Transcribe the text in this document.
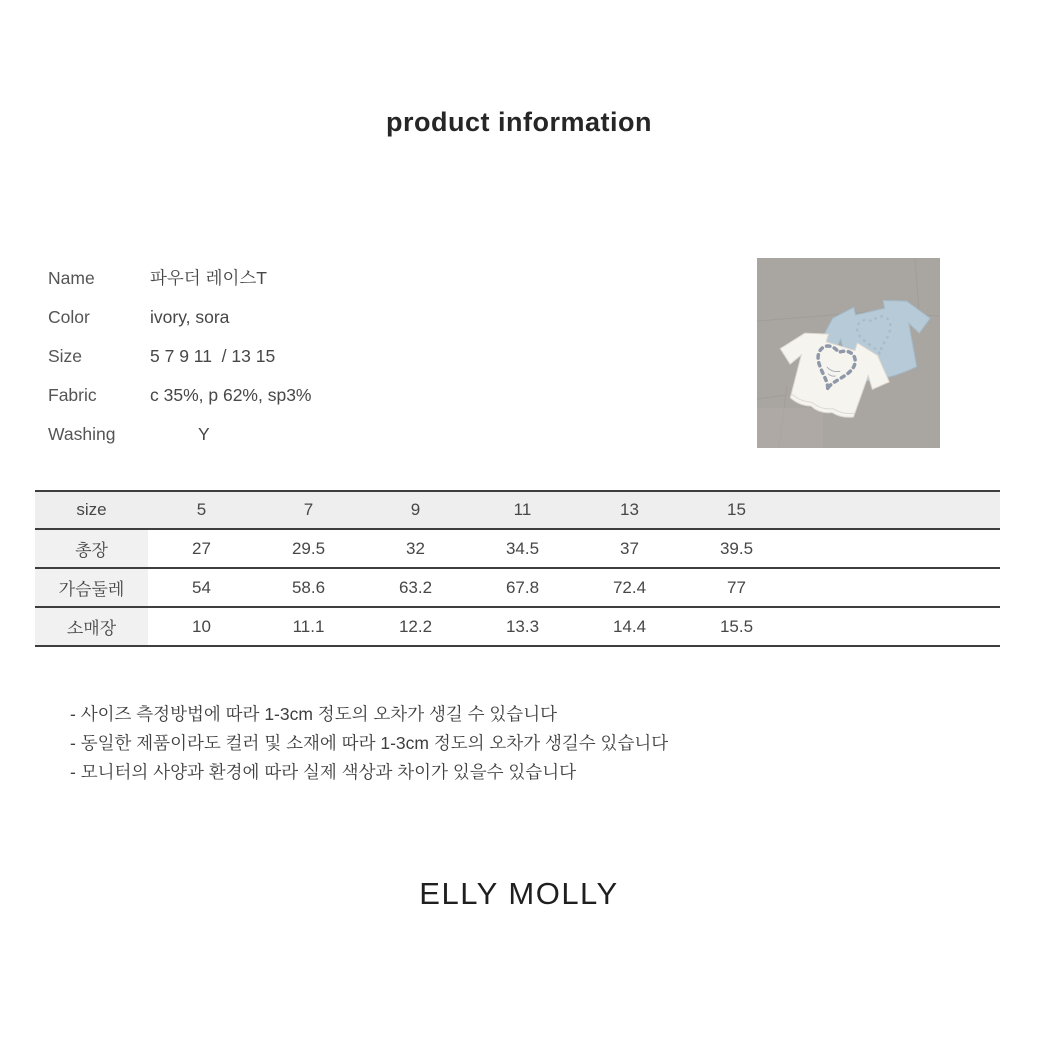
product information
Name	파우더 레이스T
Color	ivory, sora
Size	5 7 9 11  / 13 15
Fabric	c 35%, p 62%, sp3%
Washing	Y
size	5	7	9	11	13	15	
총장	27	29.5	32	34.5	37	39.5	
가슴둘레	54	58.6	63.2	67.8	72.4	77	
소매장	10	11.1	12.2	13.3	14.4	15.5	
- 사이즈 측정방법에 따라 1-3cm 정도의 오차가 생길 수 있습니다
- 동일한 제품이라도 컬러 및 소재에 따라 1-3cm 정도의 오차가 생길수 있습니다
- 모니터의 사양과 환경에 따라 실제 색상과 차이가 있을수 있습니다
ELLY MOLLY
